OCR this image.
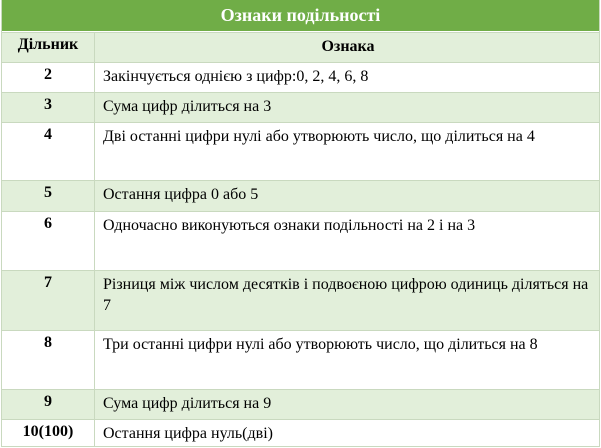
Ознаки подільності
Дільник	Ознака
2	Закінчується однією з цифр:0, 2, 4, 6, 8
3	Сума цифр ділиться на 3
4	Дві останні цифри нулі або утворюють число, що ділиться на 4
5	Остання цифра 0 або 5
6	Одночасно виконуються ознаки подільності на 2 і на 3
7	Різниця між числом десятків і подвоєною цифрою одиниць діляться на 7
8	Три останні цифри нулі або утворюють число, що ділиться на 8
9	Сума цифр ділиться на 9
10(100)	Остання цифра нуль(дві)
